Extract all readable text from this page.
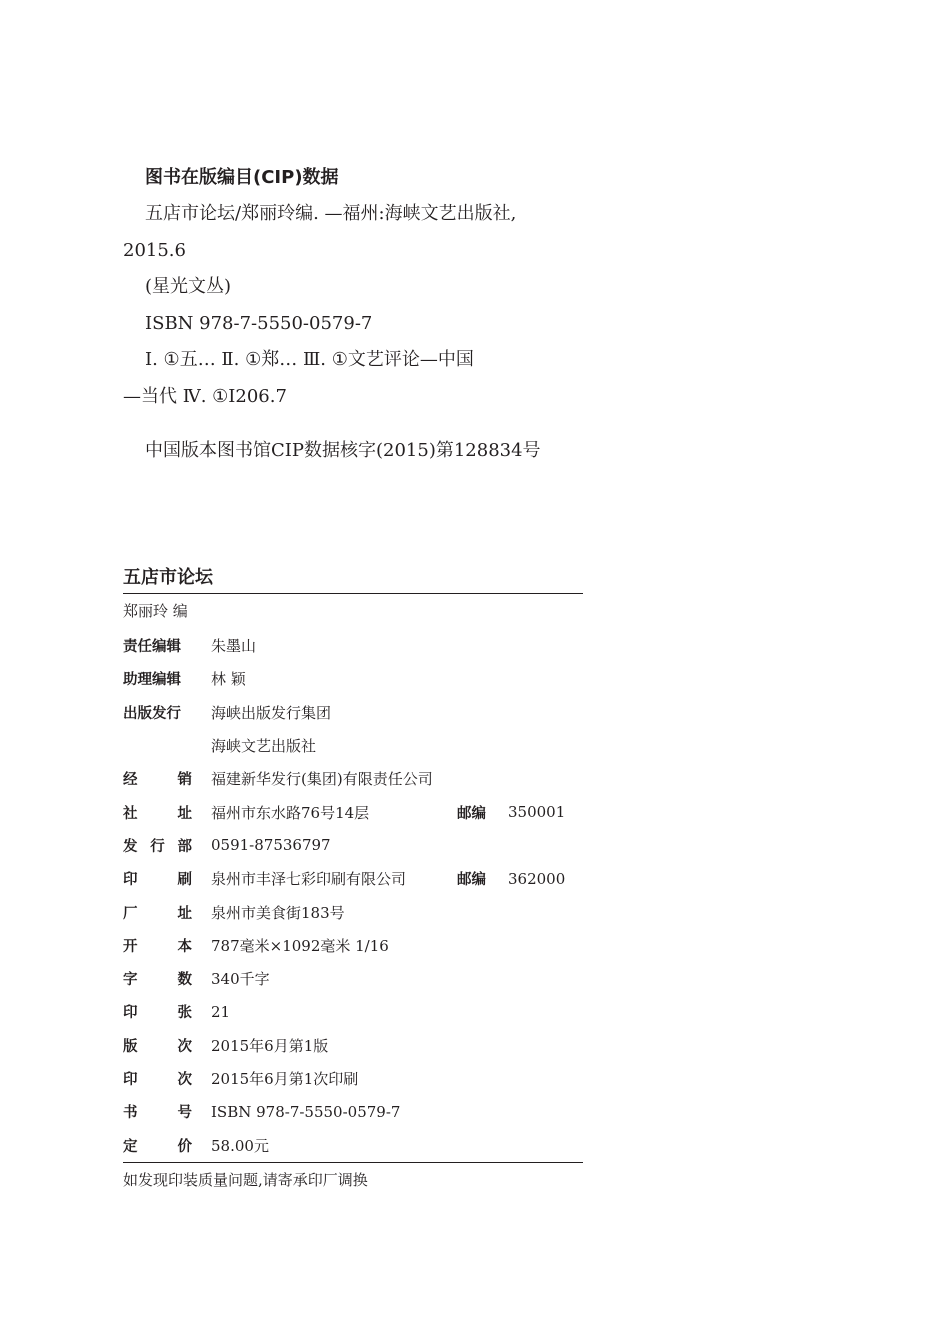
图书在版编目(CIP)数据
五店市论坛/郑丽玲编. —福州:海峡文艺出版社,
2015.6
(星光文丛)
ISBN 978-7-5550-0579-7
Ⅰ. ①五… Ⅱ. ①郑… Ⅲ. ①文艺评论—中国
—当代 Ⅳ. ①I206.7
中国版本图书馆CIP数据核字(2015)第128834号
五店市论坛
郑丽玲 编
责任编辑	朱墨山
助理编辑	林 颖
出版发行	海峡出版发行集团
海峡文艺出版社
经	销 福建新华发行(集团)有限责任公司
社	址 福州市东水路76号14层	邮编	350001
发 行 部 0591-87536797
印	刷 泉州市丰泽七彩印刷有限公司	邮编	362000
厂	址 泉州市美食街183号
开	本 787毫米×1092毫米 1/16
字	数 340千字
印	张 21
版	次 2015年6月第1版
印	次 2015年6月第1次印刷
书	号 ISBN 978-7-5550-0579-7
定	价 58.00元
如发现印装质量问题,请寄承印厂调换
